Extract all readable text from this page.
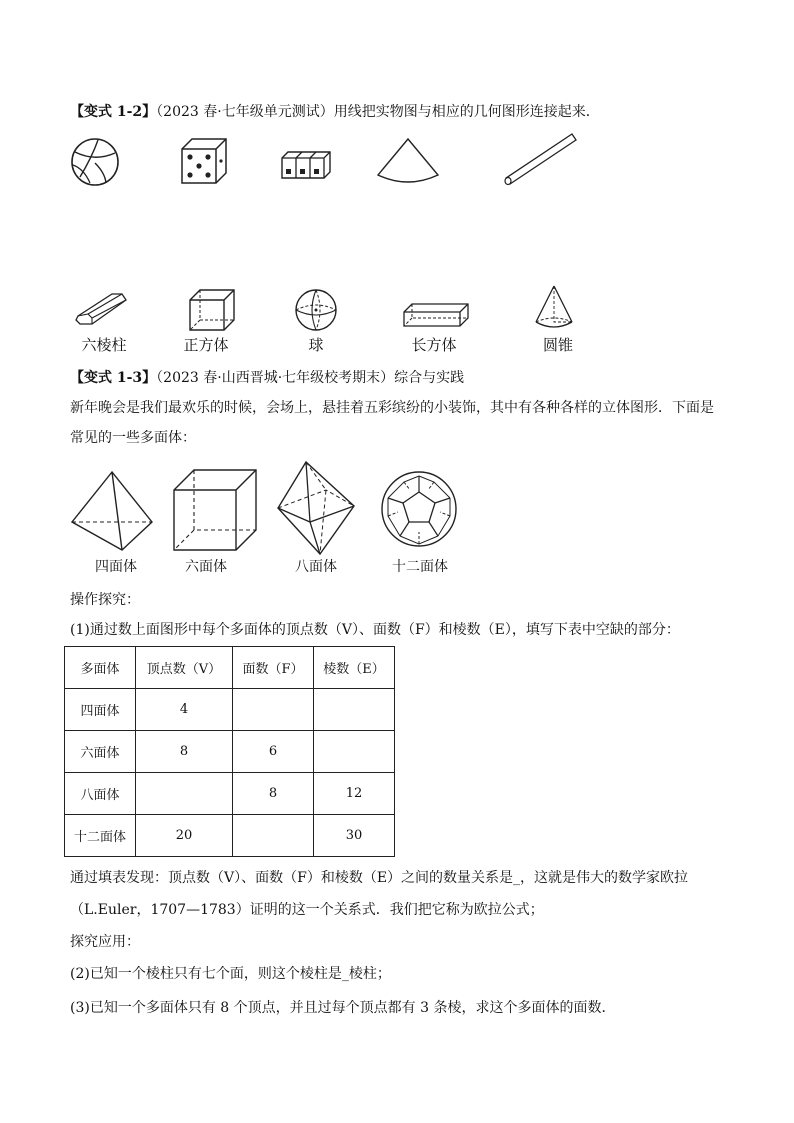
【变式 1-2】（2023 春·七年级单元测试）用线把实物图与相应的几何图形连接起来．
六棱柱	正方体	球	长方体	圆锥
【变式 1-3】（2023 春·山西晋城·七年级校考期末）综合与实践
新年晚会是我们最欢乐的时候，会场上，悬挂着五彩缤纷的小装饰，其中有各种各样的立体图形．下面是
常见的一些多面体：
四面体	六面体	八面体	十二面体
操作探究：
(1)通过数上面图形中每个多面体的顶点数（V）、面数（F）和棱数（E），填写下表中空缺的部分：
多面体	顶点数（V）	面数（F）	棱数（E）
四面体	4		
六面体	8	6	
八面体		8	12
十二面体	20		30
通过填表发现：顶点数（V）、面数（F）和棱数（E）之间的数量关系是_，这就是伟大的数学家欧拉
（L.Euler，1707—1783）证明的这一个关系式．我们把它称为欧拉公式；
探究应用：
(2)已知一个棱柱只有七个面，则这个棱柱是_棱柱；
(3)已知一个多面体只有 8 个顶点，并且过每个顶点都有 3 条棱，求这个多面体的面数．
